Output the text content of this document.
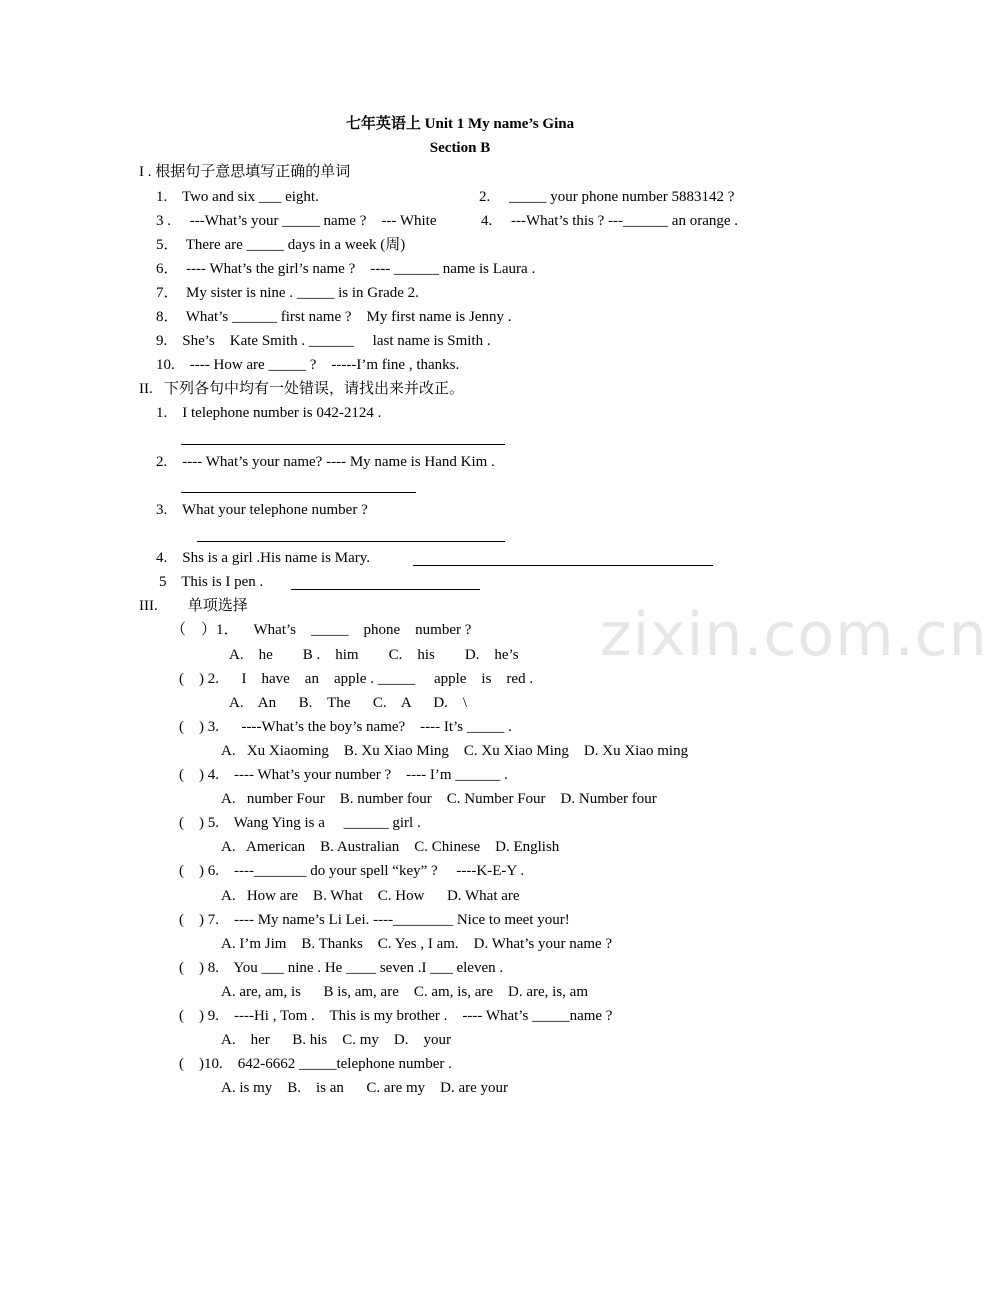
zixin.com.cn
七年英语上 Unit 1 My name’s Gina
Section B
I . 根据句子意思填写正确的单词
1.    Two and six ___ eight.	2.     _____ your phone number 5883142 ?
3 .     ---What’s your _____ name ?    --- White	4.     ---What’s this ? ---______ an orange .
5．  There are _____ days in a week (周)
6．  ---- What’s the girl’s name ?    ---- ______ name is Laura .
7．  My sister is nine . _____ is in Grade 2.
8．  What’s ______ first name ?    My first name is Jenny .
9.    She’s    Kate Smith . ______     last name is Smith .
10.    ---- How are _____ ?    -----I’m fine , thanks.
II.   下列各句中均有一处错误，请找出来并改正。
1.    I telephone number is 042-2124 .
2.    ---- What’s your name? ---- My name is Hand Kim .
3.    What your telephone number ?
4.    Shs is a girl .His name is Mary.
5    This is I pen .
III.        单项选择
（    ）1．    What’s    _____    phone    number ?
A.    he        B .    him        C.    his        D.    he’s
(    ) 2.      I    have    an    apple . _____     apple    is    red .
A.    An      B.    The      C.    A      D.    \
(    ) 3.      ----What’s the boy’s name?    ---- It’s _____ .
A.   Xu Xiaoming    B. Xu Xiao Ming    C. Xu Xiao Ming    D. Xu Xiao ming
(    ) 4.    ---- What’s your number ?    ---- I’m ______ .
A.   number Four    B. number four    C. Number Four    D. Number four
(    ) 5.    Wang Ying is a     ______ girl .
A.   American    B. Australian    C. Chinese    D. English
(    ) 6.    ----_______ do your spell “key” ?     ----K-E-Y .
A.   How are    B. What    C. How      D. What are
(    ) 7.    ---- My name’s Li Lei. ----________ Nice to meet your!
A. I’m Jim    B. Thanks    C. Yes , I am.    D. What’s your name ?
(    ) 8.    You ___ nine . He ____ seven .I ___ eleven .
A. are, am, is      B is, am, are    C. am, is, are    D. are, is, am
(    ) 9.    ----Hi , Tom .    This is my brother .    ---- What’s _____name ?
A.    her      B. his    C. my    D.    your
(    )10.    642-6662 _____telephone number .
A. is my    B.    is an      C. are my    D. are your
